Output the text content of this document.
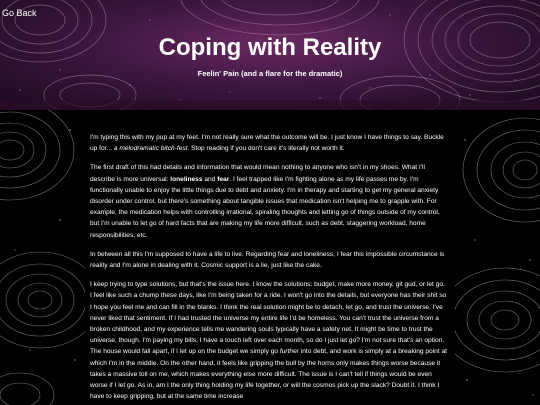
Go Back
Coping with Reality

Feelin' Pain (and a flare for the dramatic)

I'm typing this with my pup at my feet. I'm not really sure what the outcome will be. I just know I have things to say. Buckle up for... a melodramatic bitch-fest. Stop reading if you don't care it's literally not worth it.

The first draft of this had details and information that would mean nothing to anyone who isn't in my shoes. What I'll describe is more universal: loneliness and fear. I feel trapped like I'm fighting alone as my life passes me by. I'm functionally unable to enjoy the little things due to debt and anxiety. I'm in therapy and starting to get my general anxiety disorder under control, but there's something about tangible issues that medication isn't helping me to grapple with. For example, the medication helps with controlling irrational, spiraling thoughts and letting go of things outside of my control, but I'm unable to let go of hard facts that are making my life more difficult, such as debt, staggering workload, home responsibilities, etc.

In between all this I'm supposed to have a life to live. Regarding fear and loneliness, I fear this impossible circumstance is reality and I'm alone in dealing with it. Cosmic support is a lie, just like the cake.

I keep trying to type solutions, but that's the issue here. I know the solutions: budget, make more money, git gud, or let go. I feel like such a chump these days, like I'm being taken for a ride. I won't go into the details, but everyone has their shit so I hope you feel me and can fill in the blanks. I think the real solution might be to detach, let go, and trust the universe. I've never liked that sentiment. If I had trusted the universe my entire life I'd be homeless. You can't trust the universe from a broken childhood, and my experience tells me wandering souls typically have a safety net. It might be time to trust the universe, though. I'm paying my bills, I have a touch left over each month, so do I just let go? I'm not sure that's an option. The house would fall apart, if I let up on the budget we simply go further into debt, and work is simply at a breaking point at which I'm in the middle. On the other hand, it feels like gripping the bull by the horns only makes things worse because it takes a massive toll on me, which makes everything else more difficult. The issue is I can't tell if things would be even worse if I let go. As in, am I the only thing holding my life together, or will the cosmos pick up the slack? Doubt it. I think I have to keep gripping, but at the same time increase
